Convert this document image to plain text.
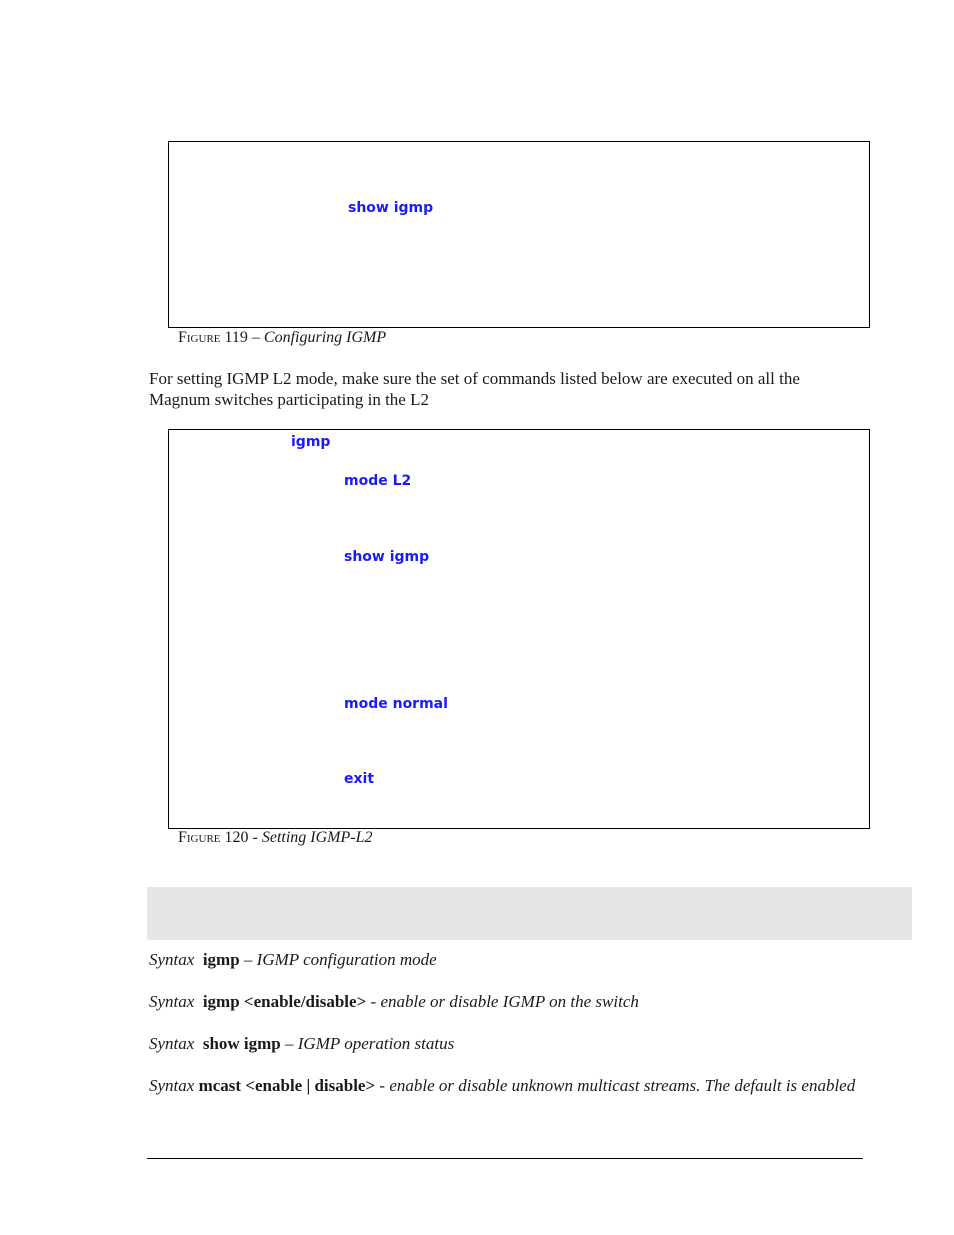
show igmp
Figure 119 – Configuring IGMP
For setting IGMP L2 mode, make sure the set of commands listed below are executed on all the Magnum switches participating in the L2
igmp
mode L2
show igmp
mode normal
exit
Figure 120 - Setting IGMP-L2
Syntax igmp – IGMP configuration mode
Syntax igmp <enable/disable> - enable or disable IGMP on the switch
Syntax show igmp – IGMP operation status
Syntax mcast <enable | disable> - enable or disable unknown multicast streams. The default is enabled
